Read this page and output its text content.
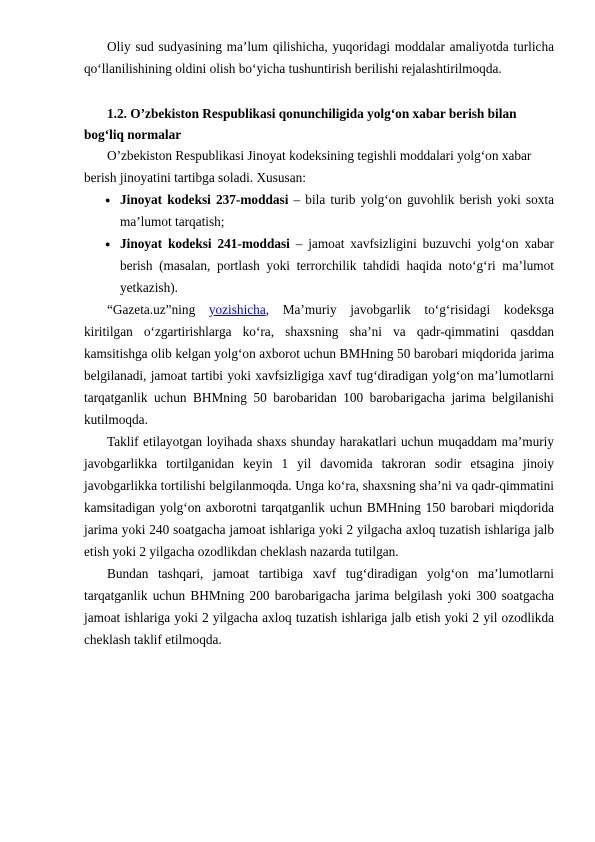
Oliy sud sudyasining ma’lum qilishicha, yuqoridagi moddalar amaliyotda turlicha qo‘llanilishining oldini olish bo‘yicha tushuntirish berilishi rejalashtirilmoqda.

1.2. O’zbekiston Respublikasi qonunchiligida yolg‘on xabar berish bilan bog‘liq normalar

O’zbekiston Respublikasi Jinoyat kodeksining tegishli moddalari yolg‘on xabar berish jinoyatini tartibga soladi. Xususan:

● Jinoyat kodeksi 237-moddasi – bila turib yolg‘on guvohlik berish yoki soxta ma’lumot tarqatish;

● Jinoyat kodeksi 241-moddasi – jamoat xavfsizligini buzuvchi yolg‘on xabar berish (masalan, portlash yoki terrorchilik tahdidi haqida noto‘g‘ri ma’lumot yetkazish).

“Gazeta.uz”ning yozishicha, Ma’muriy javobgarlik to‘g‘risidagi kodeksga kiritilgan o‘zgartirishlarga ko‘ra, shaxsning sha’ni va qadr-qimmatini qasddan kamsitishga olib kelgan yolg‘on axborot uchun BMHning 50 barobari miqdorida jarima belgilanadi, jamoat tartibi yoki xavfsizligiga xavf tug‘diradigan yolg‘on ma’lumotlarni tarqatganlik uchun BHMning 50 barobaridan 100 barobarigacha jarima belgilanishi kutilmoqda.

Taklif etilayotgan loyihada shaxs shunday harakatlari uchun muqaddam ma’muriy javobgarlikka tortilganidan keyin 1 yil davomida takroran sodir etsagina jinoiy javobgarlikka tortilishi belgilanmoqda. Unga ko‘ra, shaxsning sha’ni va qadr-qimmatini kamsitadigan yolg‘on axborotni tarqatganlik uchun BMHning 150 barobari miqdorida jarima yoki 240 soatgacha jamoat ishlariga yoki 2 yilgacha axloq tuzatish ishlariga jalb etish yoki 2 yilgacha ozodlikdan cheklash nazarda tutilgan.

Bundan tashqari, jamoat tartibiga xavf tug‘diradigan yolg‘on ma’lumotlarni tarqatganlik uchun BHMning 200 barobarigacha jarima belgilash yoki 300 soatgacha jamoat ishlariga yoki 2 yilgacha axloq tuzatish ishlariga jalb etish yoki 2 yil ozodlikda cheklash taklif etilmoqda.
